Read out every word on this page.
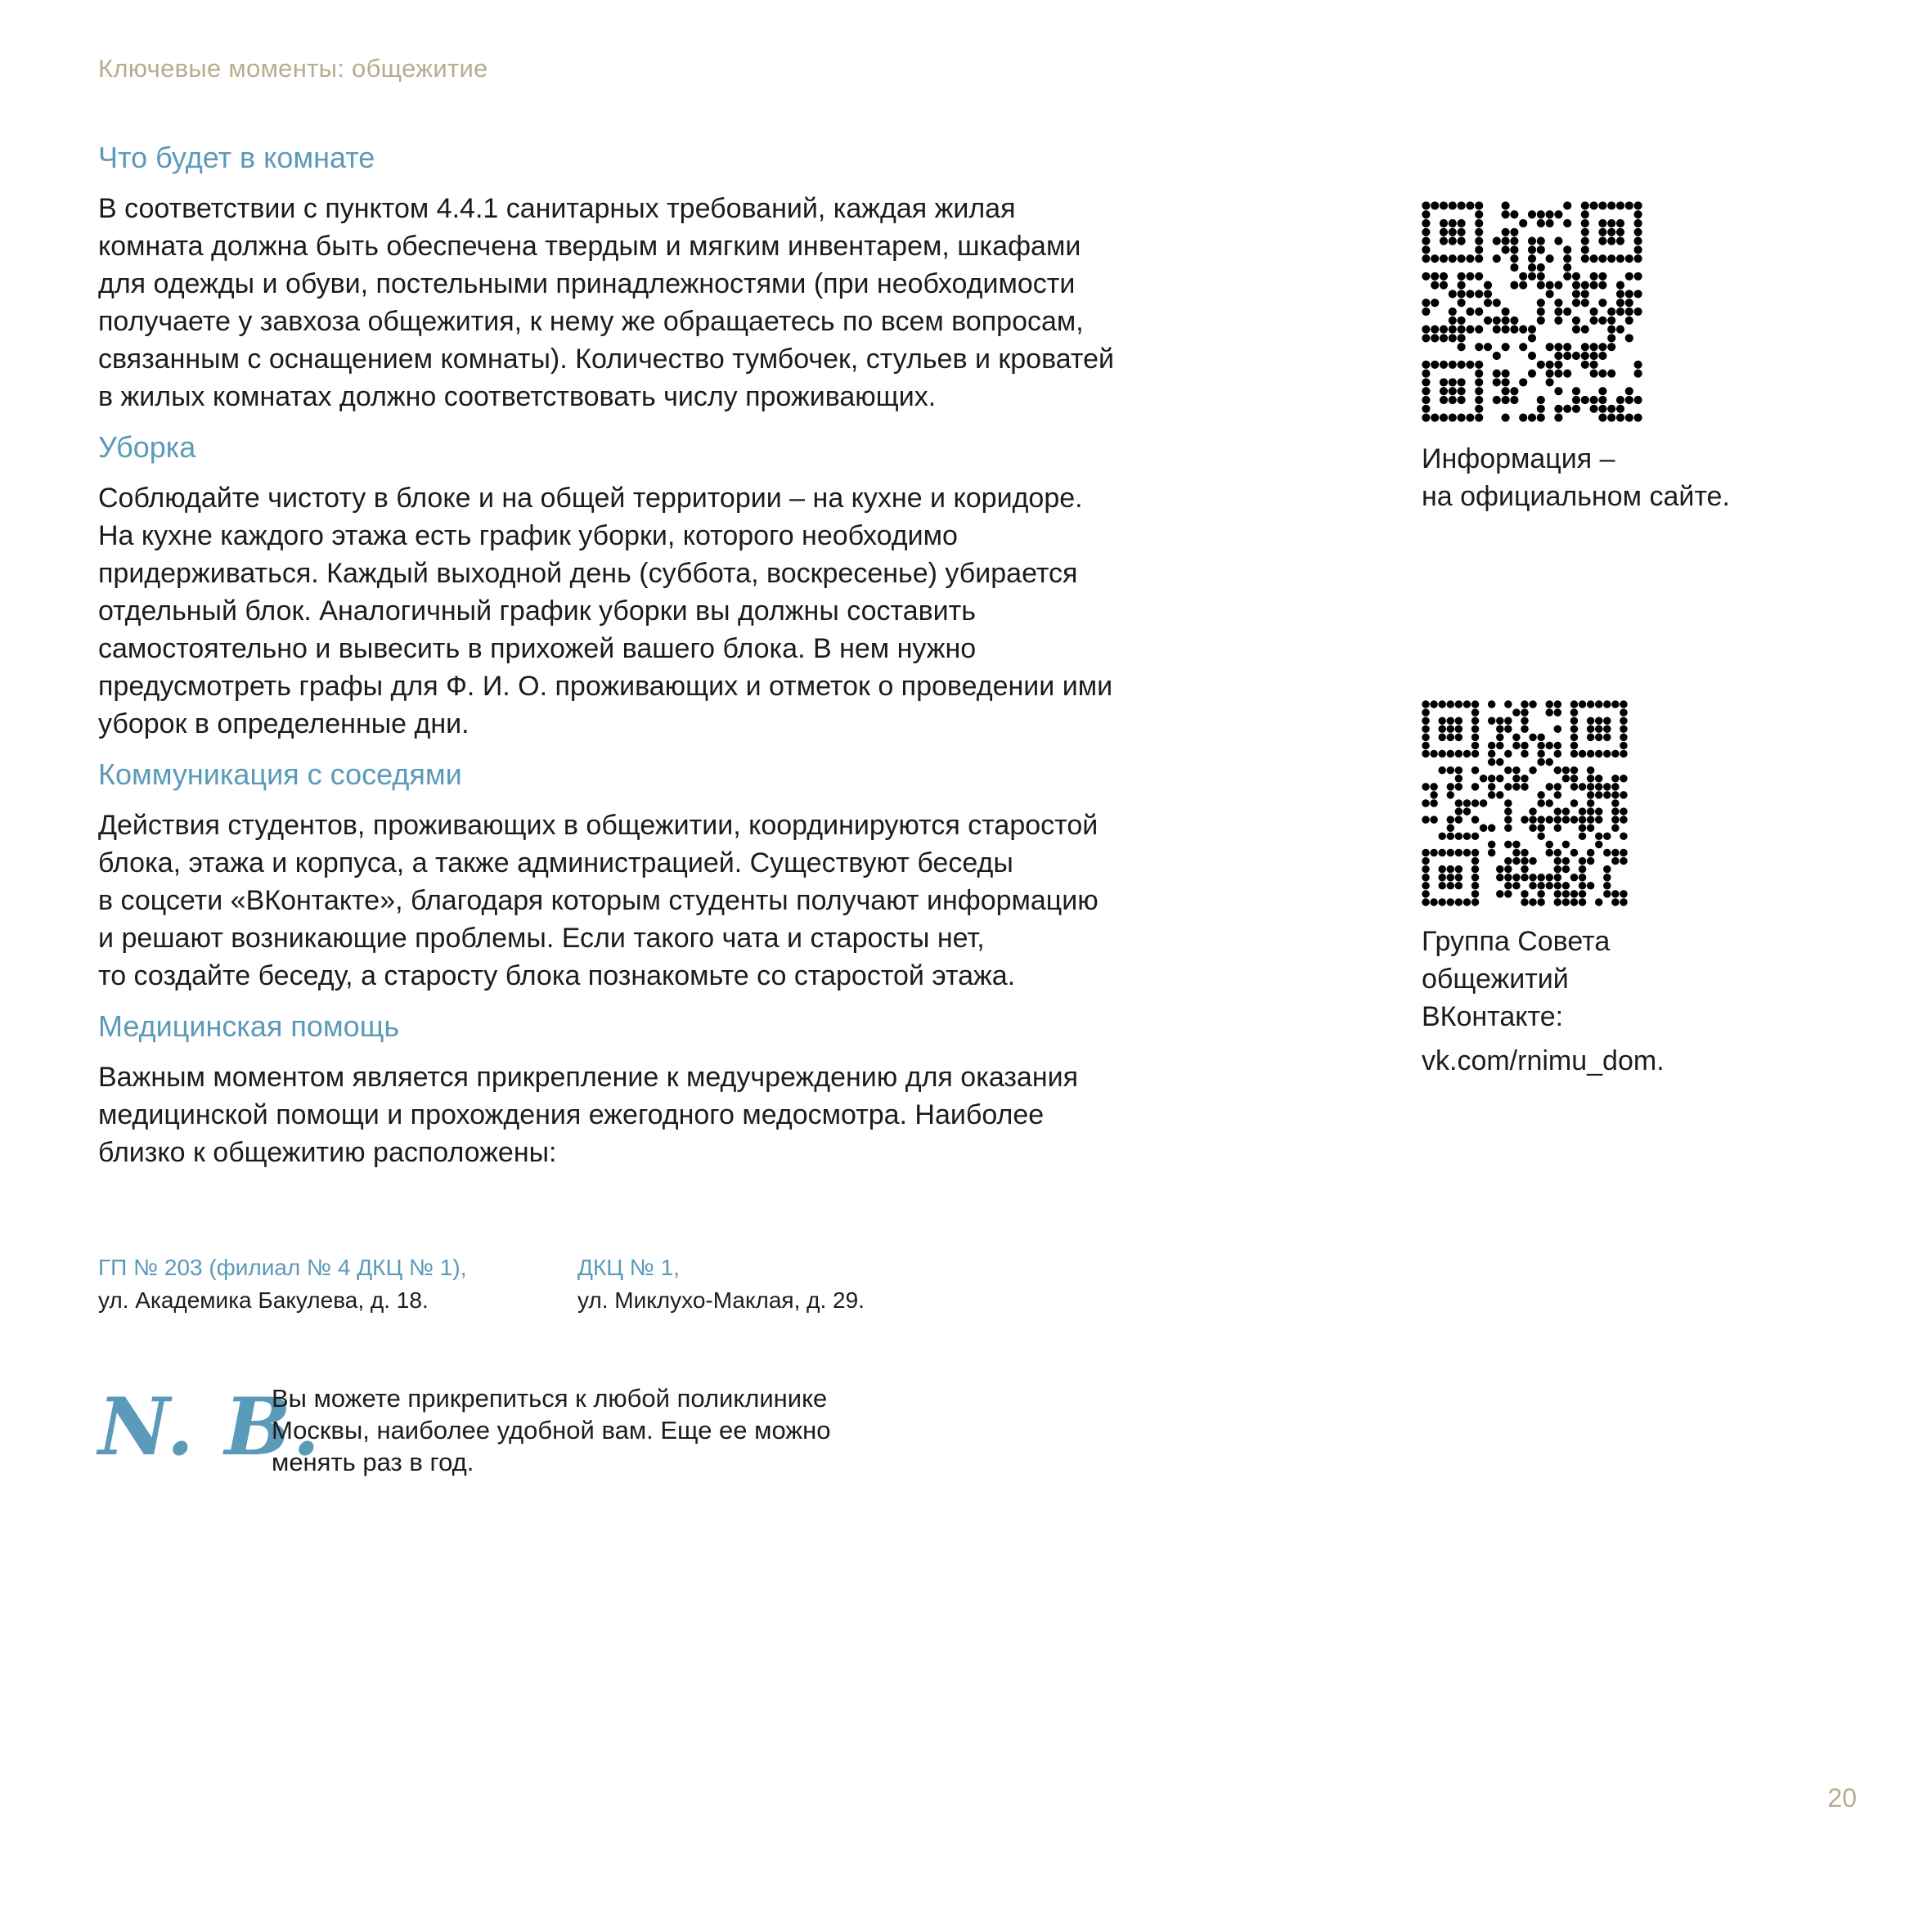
Ключевые моменты: общежитие
Что будет в комнате
В соответствии с пунктом 4.4.1 санитарных требований, каждая жилая
комната должна быть обеспечена твердым и мягким инвентарем, шкафами
для одежды и обуви, постельными принадлежностями (при необходимости
получаете у завхоза общежития, к нему же обращаетесь по всем вопросам,
связанным с оснащением комнаты). Количество тумбочек, стульев и кроватей
в жилых комнатах должно соответствовать числу проживающих.
Уборка
Соблюдайте чистоту в блоке и на общей территории – на кухне и коридоре.
На кухне каждого этажа есть график уборки, которого необходимо
придерживаться. Каждый выходной день (суббота, воскресенье) убирается
отдельный блок. Аналогичный график уборки вы должны составить
самостоятельно и вывесить в прихожей вашего блока. В нем нужно
предусмотреть графы для Ф. И. О. проживающих и отметок о проведении ими
уборок в определенные дни.
Коммуникация с соседями
Действия студентов, проживающих в общежитии, координируются старостой
блока, этажа и корпуса, а также администрацией. Существуют беседы
в соцсети «ВКонтакте», благодаря которым студенты получают информацию
и решают возникающие проблемы. Если такого чата и старосты нет,
то создайте беседу, а старосту блока познакомьте со старостой этажа.
Медицинская помощь
Важным моментом является прикрепление к медучреждению для оказания
медицинской помощи и прохождения ежегодного медосмотра. Наиболее
близко к общежитию расположены:
ГП № 203 (филиал № 4 ДКЦ № 1),
ул. Академика Бакулева, д. 18.
ДКЦ № 1,
ул. Миклухо-Маклая, д. 29.
N. B.
Вы можете прикрепиться к любой поликлинике
Москвы, наиболее удобной вам. Еще ее можно
менять раз в год.
Информация –
на официальном сайте.
Группа Совета
общежитий
ВКонтакте:
vk.com/rnimu_dom.
20
